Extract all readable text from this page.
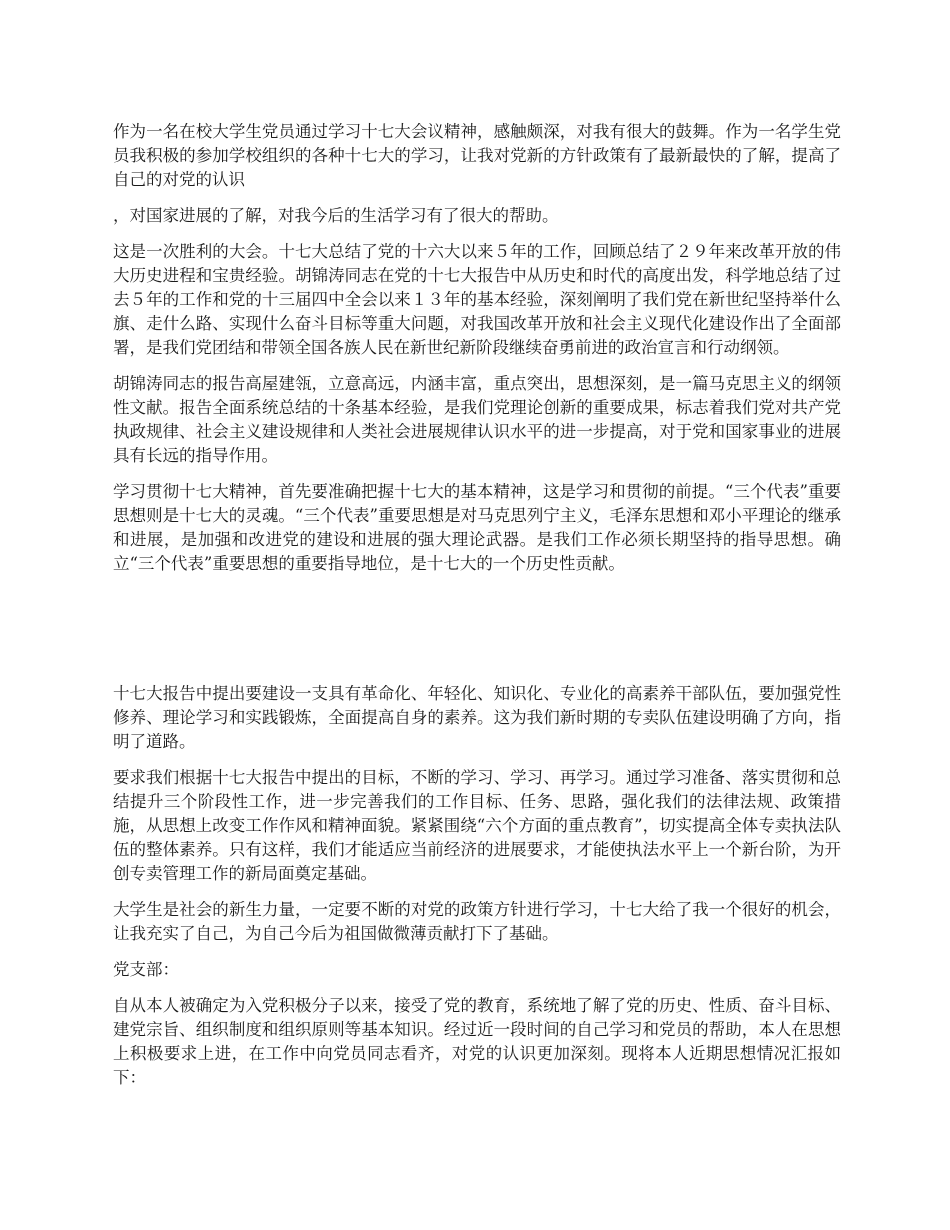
作为一名在校大学生党员通过学习十七大会议精神，感触颇深，对我有很大的鼓舞。作为一名学生党员我积极的参加学校组织的各种十七大的学习，让我对党新的方针政策有了最新最快的了解，提高了自己的对党的认识

，对国家进展的了解，对我今后的生活学习有了很大的帮助。

这是一次胜利的大会。十七大总结了党的十六大以来５年的工作，回顾总结了２９年来改革开放的伟大历史进程和宝贵经验。胡锦涛同志在党的十七大报告中从历史和时代的高度出发，科学地总结了过去５年的工作和党的十三届四中全会以来１３年的基本经验，深刻阐明了我们党在新世纪坚持举什么旗、走什么路、实现什么奋斗目标等重大问题，对我国改革开放和社会主义现代化建设作出了全面部署，是我们党团结和带领全国各族人民在新世纪新阶段继续奋勇前进的政治宣言和行动纲领。

胡锦涛同志的报告高屋建瓴，立意高远，内涵丰富，重点突出，思想深刻，是一篇马克思主义的纲领性文献。报告全面系统总结的十条基本经验，是我们党理论创新的重要成果，标志着我们党对共产党执政规律、社会主义建设规律和人类社会进展规律认识水平的进一步提高，对于党和国家事业的进展具有长远的指导作用。

学习贯彻十七大精神，首先要准确把握十七大的基本精神，这是学习和贯彻的前提。“三个代表”重要思想则是十七大的灵魂。“三个代表”重要思想是对马克思列宁主义，毛泽东思想和邓小平理论的继承和进展，是加强和改进党的建设和进展的强大理论武器。是我们工作必须长期坚持的指导思想。确立“三个代表”重要思想的重要指导地位，是十七大的一个历史性贡献。

十七大报告中提出要建设一支具有革命化、年轻化、知识化、专业化的高素养干部队伍，要加强党性修养、理论学习和实践锻炼，全面提高自身的素养。这为我们新时期的专卖队伍建设明确了方向，指明了道路。

要求我们根据十七大报告中提出的目标，不断的学习、学习、再学习。通过学习准备、落实贯彻和总结提升三个阶段性工作，进一步完善我们的工作目标、任务、思路，强化我们的法律法规、政策措施，从思想上改变工作作风和精神面貌。紧紧围绕“六个方面的重点教育”，切实提高全体专卖执法队伍的整体素养。只有这样，我们才能适应当前经济的进展要求，才能使执法水平上一个新台阶，为开创专卖管理工作的新局面奠定基础。

大学生是社会的新生力量，一定要不断的对党的政策方针进行学习，十七大给了我一个很好的机会，让我充实了自己，为自己今后为祖国做微薄贡献打下了基础。

党支部：

自从本人被确定为入党积极分子以来，接受了党的教育，系统地了解了党的历史、性质、奋斗目标、建党宗旨、组织制度和组织原则等基本知识。经过近一段时间的自己学习和党员的帮助，本人在思想上积极要求上进，在工作中向党员同志看齐，对党的认识更加深刻。现将本人近期思想情况汇报如下：
